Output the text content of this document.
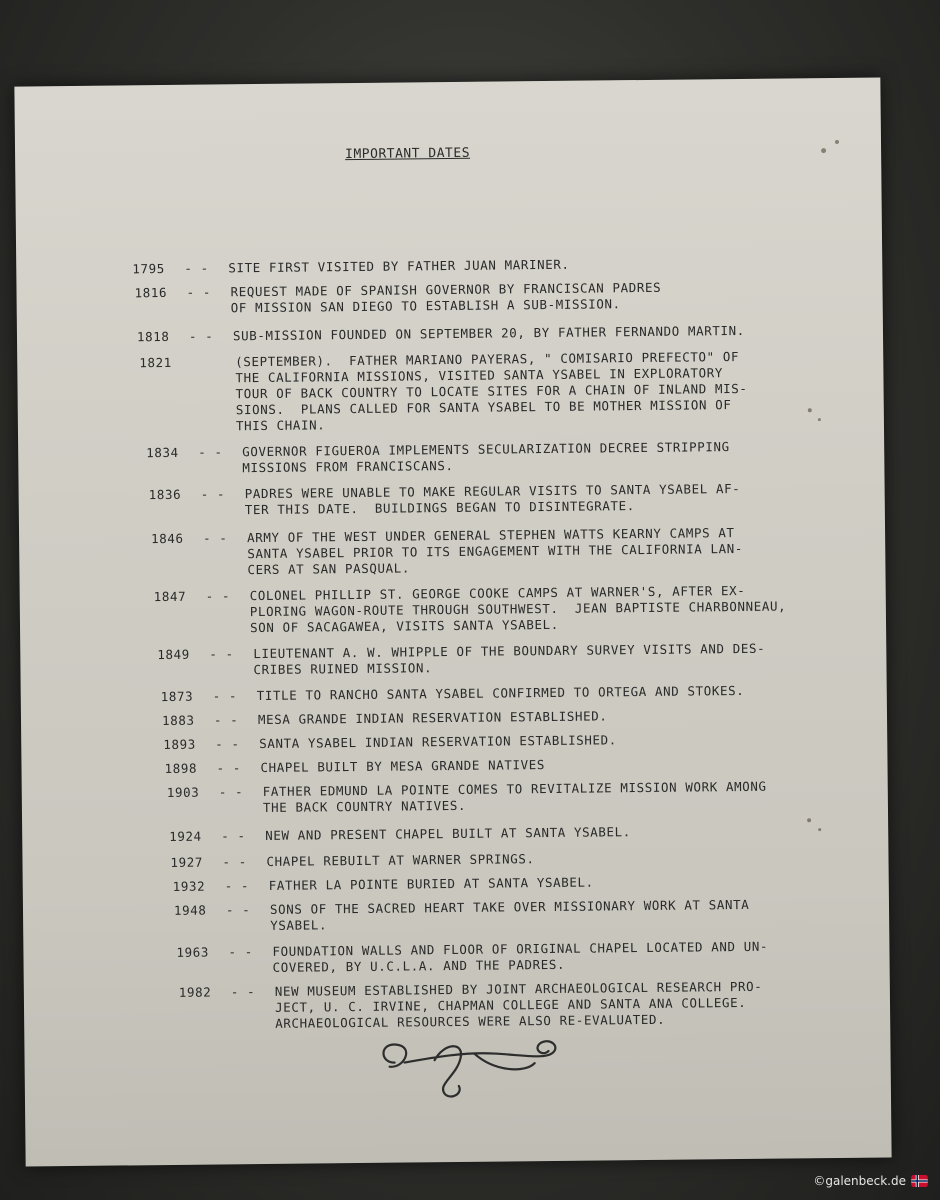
IMPORTANT DATES
1795	- -	SITE FIRST VISITED BY FATHER JUAN MARINER.
1816	- -	REQUEST MADE OF SPANISH GOVERNOR BY FRANCISCAN PADRES
OF MISSION SAN DIEGO TO ESTABLISH A SUB-MISSION.
1818	- -	SUB-MISSION FOUNDED ON SEPTEMBER 20, BY FATHER FERNANDO MARTIN.
1821	(SEPTEMBER).  FATHER MARIANO PAYERAS, " COMISARIO PREFECTO" OF
THE CALIFORNIA MISSIONS, VISITED SANTA YSABEL IN EXPLORATORY
TOUR OF BACK COUNTRY TO LOCATE SITES FOR A CHAIN OF INLAND MIS-
SIONS.  PLANS CALLED FOR SANTA YSABEL TO BE MOTHER MISSION OF
THIS CHAIN.
1834	- -	GOVERNOR FIGUEROA IMPLEMENTS SECULARIZATION DECREE STRIPPING
MISSIONS FROM FRANCISCANS.
1836	- -	PADRES WERE UNABLE TO MAKE REGULAR VISITS TO SANTA YSABEL AF-
TER THIS DATE.  BUILDINGS BEGAN TO DISINTEGRATE.
1846	- -	ARMY OF THE WEST UNDER GENERAL STEPHEN WATTS KEARNY CAMPS AT
SANTA YSABEL PRIOR TO ITS ENGAGEMENT WITH THE CALIFORNIA LAN-
CERS AT SAN PASQUAL.
1847	- -	COLONEL PHILLIP ST. GEORGE COOKE CAMPS AT WARNER'S, AFTER EX-
PLORING WAGON-ROUTE THROUGH SOUTHWEST.  JEAN BAPTISTE CHARBONNEAU,
SON OF SACAGAWEA, VISITS SANTA YSABEL.
1849	- -	LIEUTENANT A. W. WHIPPLE OF THE BOUNDARY SURVEY VISITS AND DES-
CRIBES RUINED MISSION.
1873	- -	TITLE TO RANCHO SANTA YSABEL CONFIRMED TO ORTEGA AND STOKES.
1883	- -	MESA GRANDE INDIAN RESERVATION ESTABLISHED.
1893	- -	SANTA YSABEL INDIAN RESERVATION ESTABLISHED.
1898	- -	CHAPEL BUILT BY MESA GRANDE NATIVES
1903	- -	FATHER EDMUND LA POINTE COMES TO REVITALIZE MISSION WORK AMONG
THE BACK COUNTRY NATIVES.
1924	- -	NEW AND PRESENT CHAPEL BUILT AT SANTA YSABEL.
1927	- -	CHAPEL REBUILT AT WARNER SPRINGS.
1932	- -	FATHER LA POINTE BURIED AT SANTA YSABEL.
1948	- -	SONS OF THE SACRED HEART TAKE OVER MISSIONARY WORK AT SANTA
YSABEL.
1963	- -	FOUNDATION WALLS AND FLOOR OF ORIGINAL CHAPEL LOCATED AND UN-
COVERED, BY U.C.L.A. AND THE PADRES.
1982	- -	NEW MUSEUM ESTABLISHED BY JOINT ARCHAEOLOGICAL RESEARCH PRO-
JECT, U. C. IRVINE, CHAPMAN COLLEGE AND SANTA ANA COLLEGE.
ARCHAEOLOGICAL RESOURCES WERE ALSO RE-EVALUATED.
©galenbeck.de
